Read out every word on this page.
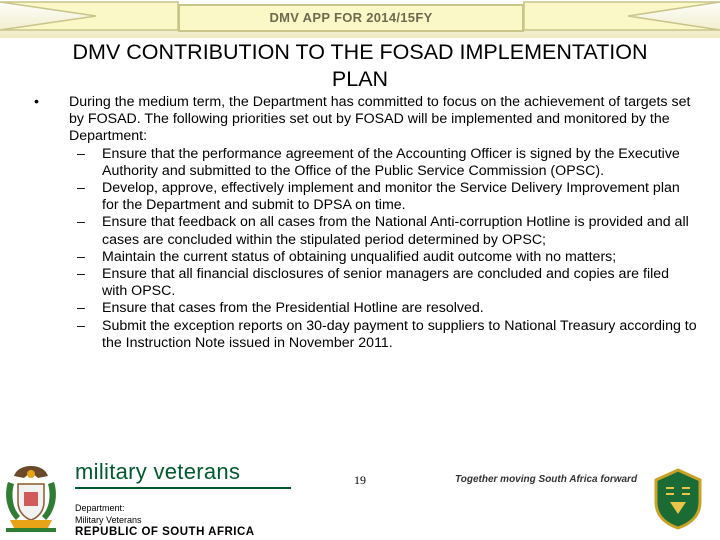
DMV APP FOR 2014/15FY
DMV CONTRIBUTION TO THE FOSAD IMPLEMENTATION
PLAN
• During the medium term, the Department has committed to focus on the achievement of targets set by FOSAD. The following priorities set out by FOSAD will be implemented and monitored by the Department:
– Ensure that the performance agreement of the Accounting Officer is signed by the Executive Authority and submitted to the Office of the Public Service Commission (OPSC).
– Develop, approve, effectively implement and monitor the Service Delivery Improvement plan for the Department and submit to DPSA on time.
– Ensure that feedback on all cases from the National Anti-corruption Hotline is provided and all cases are concluded within the stipulated period determined by OPSC;
– Maintain the current status of obtaining unqualified audit outcome with no matters;
– Ensure that all financial disclosures of senior managers are concluded and copies are filed with OPSC.
– Ensure that cases from the Presidential Hotline are resolved.
– Submit the exception reports on 30-day payment to suppliers to National Treasury according to the Instruction Note issued in November 2011.
military veterans
Department:
Military Veterans
REPUBLIC OF SOUTH AFRICA
19	Together moving South Africa forward
